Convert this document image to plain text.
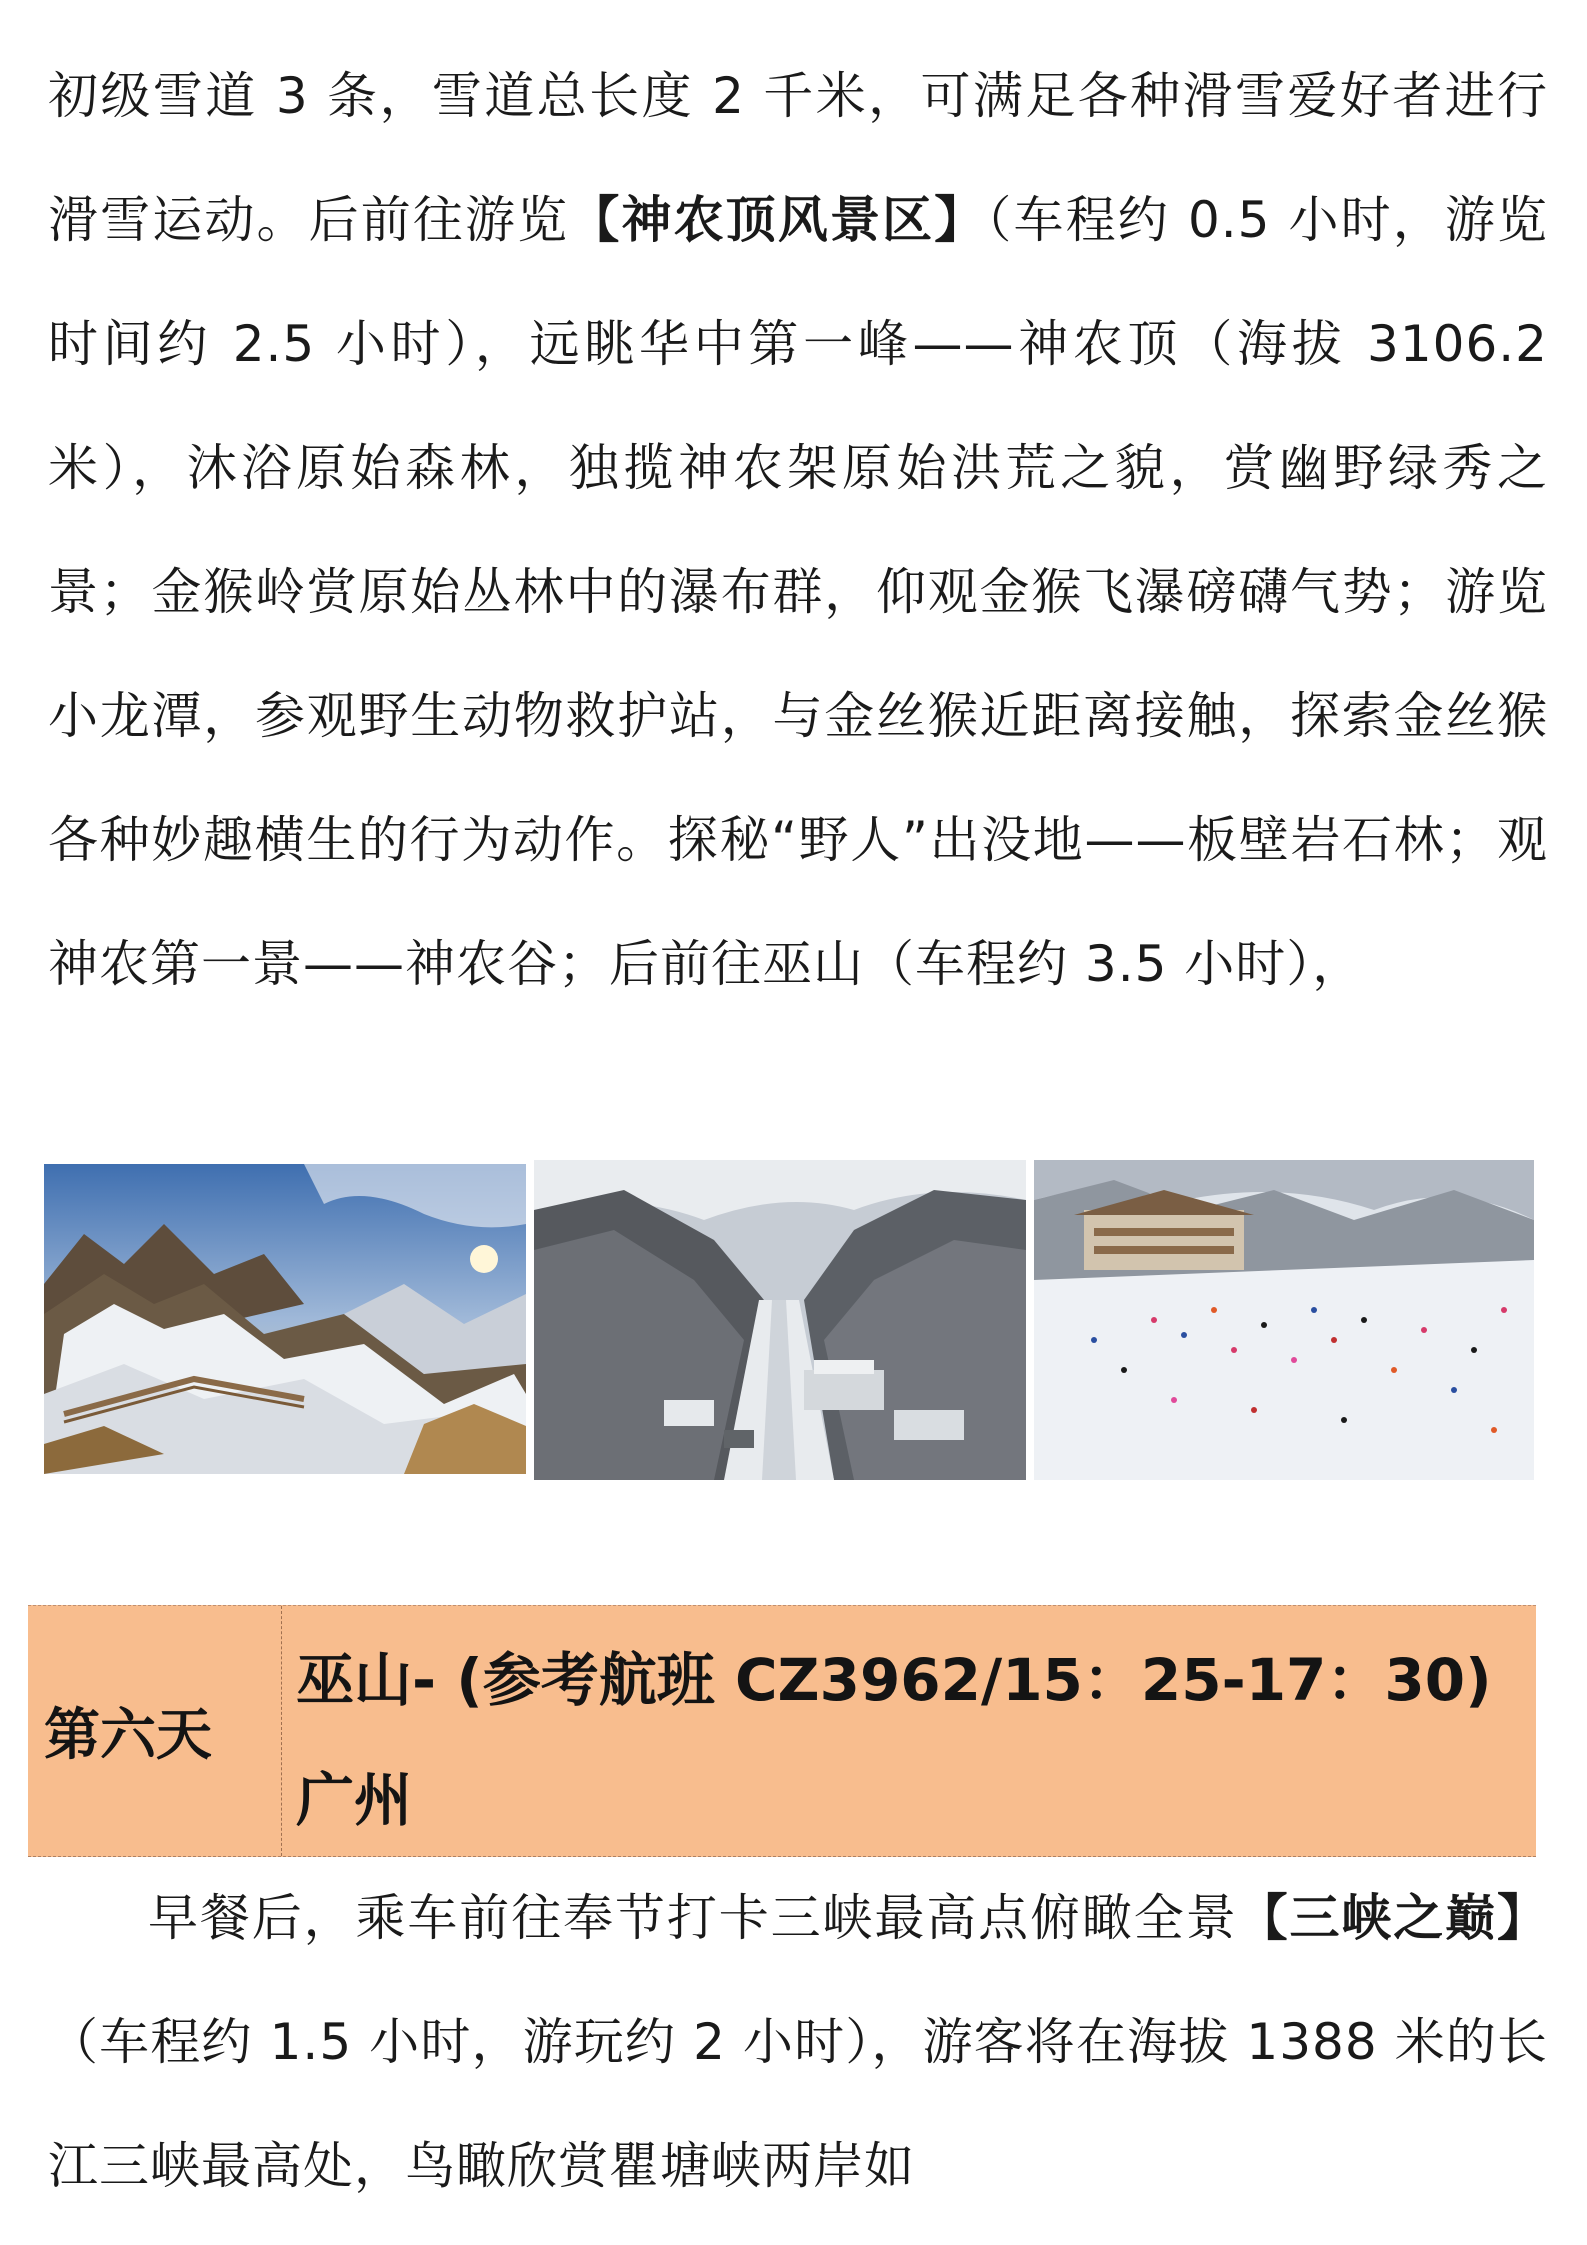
初级雪道 3 条，雪道总长度 2 千米，可满足各种滑雪爱好者进行滑雪运动。后前往游览【神农顶风景区】（车程约 0.5 小时，游览时间约 2.5 小时），远眺华中第一峰——神农顶（海拔 3106.2 米），沐浴原始森林，独揽神农架原始洪荒之貌，赏幽野绿秀之景；金猴岭赏原始丛林中的瀑布群，仰观金猴飞瀑磅礴气势；游览小龙潭，参观野生动物救护站，与金丝猴近距离接触，探索金丝猴各种妙趣横生的行为动作。探秘“野人”出没地——板壁岩石林；观神农第一景——神农谷；后前往巫山（车程约 3.5 小时），

第六天
巫山- (参考航班 CZ3962/15：25-17：30)
广州

早餐后，乘车前往奉节打卡三峡最高点俯瞰全景【三峡之巅】（车程约 1.5 小时，游玩约 2 小时），游客将在海拔 1388 米的长江三峡最高处，鸟瞰欣赏瞿塘峡两岸如
